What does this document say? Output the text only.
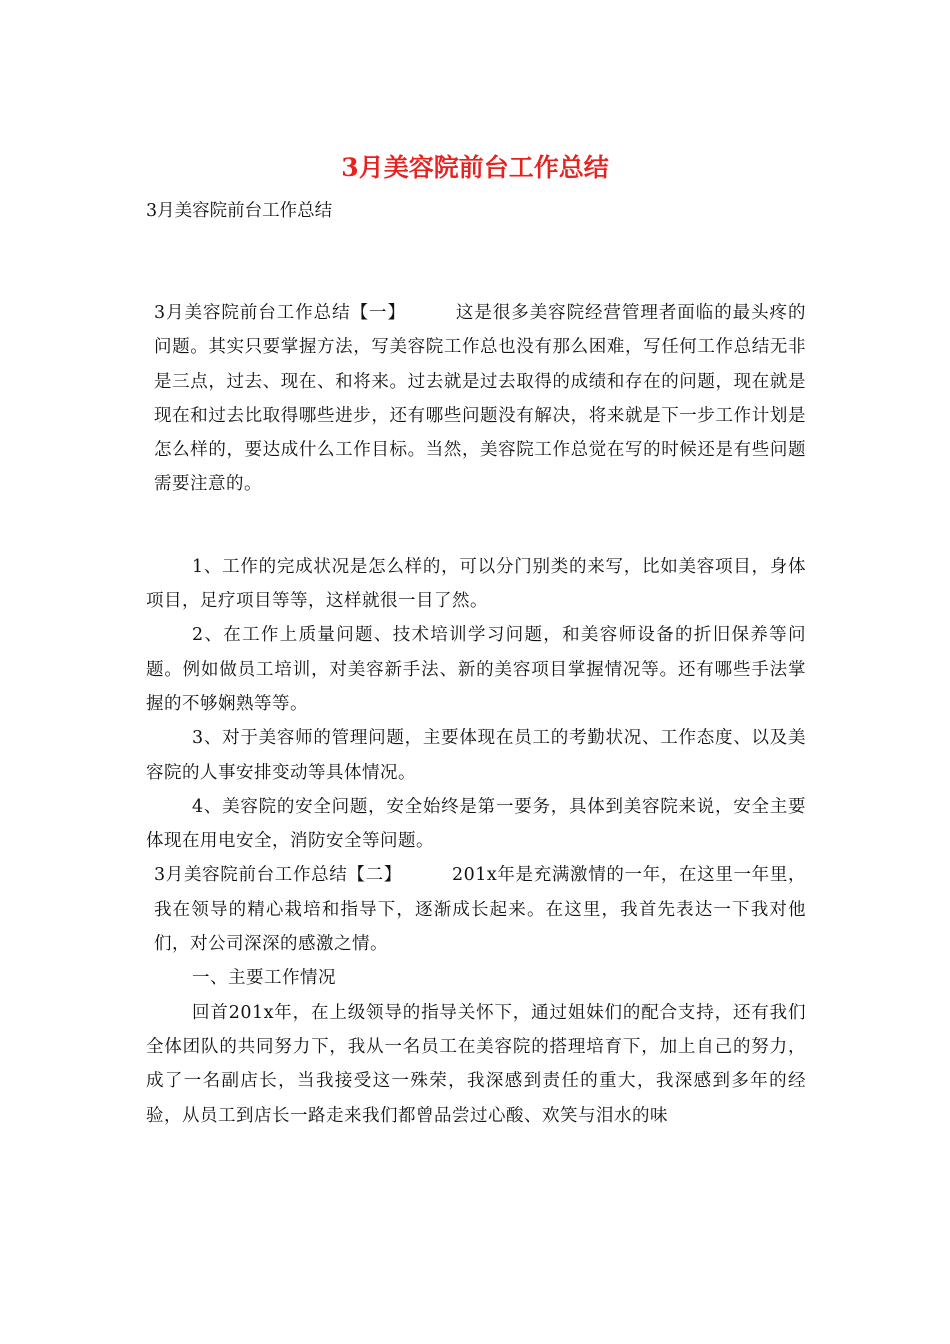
3月美容院前台工作总结
3月美容院前台工作总结

3月美容院前台工作总结【一】	这是很多美容院经营管理者面临的最头疼的问题。其实只要掌握方法，写美容院工作总也没有那么困难，写任何工作总结无非是三点，过去、现在、和将来。过去就是过去取得的成绩和存在的问题，现在就是现在和过去比取得哪些进步，还有哪些问题没有解决，将来就是下一步工作计划是怎么样的，要达成什么工作目标。当然，美容院工作总觉在写的时候还是有些问题需要注意的。

1、工作的完成状况是怎么样的，可以分门别类的来写，比如美容项目，身体项目，足疗项目等等，这样就很一目了然。

2、在工作上质量问题、技术培训学习问题，和美容师设备的折旧保养等问题。例如做员工培训，对美容新手法、新的美容项目掌握情况等。还有哪些手法掌握的不够娴熟等等。

3、对于美容师的管理问题，主要体现在员工的考勤状况、工作态度、以及美容院的人事安排变动等具体情况。

4、美容院的安全问题，安全始终是第一要务，具体到美容院来说，安全主要体现在用电安全，消防安全等问题。

3月美容院前台工作总结【二】	201x年是充满激情的一年，在这里一年里，我在领导的精心栽培和指导下，逐渐成长起来。在这里，我首先表达一下我对他们，对公司深深的感激之情。

一、主要工作情况

回首201x年，在上级领导的指导关怀下，通过姐妹们的配合支持，还有我们全体团队的共同努力下，我从一名员工在美容院的搭理培育下，加上自己的努力，成了一名副店长，当我接受这一殊荣，我深感到责任的重大，我深感到多年的经验，从员工到店长一路走来我们都曾品尝过心酸、欢笑与泪水的味
